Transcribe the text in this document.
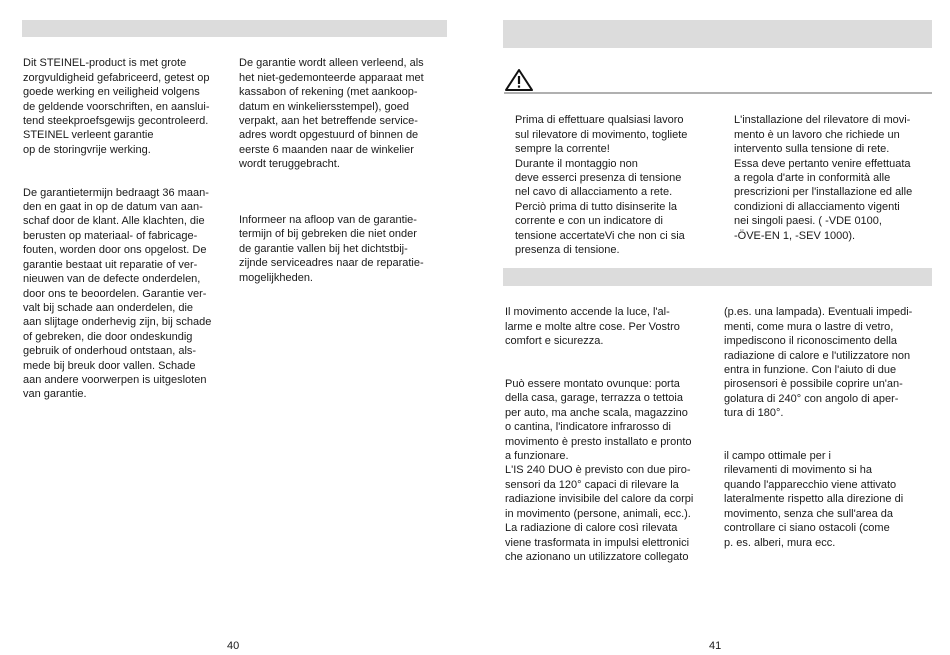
Dit STEINEL-product is met grote
zorgvuldigheid gefabriceerd, getest op
goede werking en veiligheid volgens
de geldende voorschriften, en aanslui-
tend steekproefsgewijs gecontroleerd.
STEINEL verleent garantie
op de storingvrije werking.

De garantietermijn bedraagt 36 maan-
den en gaat in op de datum van aan-
schaf door de klant. Alle klachten, die
berusten op materiaal- of fabricage-
fouten, worden door ons opgelost. De
garantie bestaat uit reparatie of ver-
nieuwen van de defecte onderdelen,
door ons te beoordelen. Garantie ver-
valt bij schade aan onderdelen, die
aan slijtage onderhevig zijn, bij schade
of gebreken, die door ondeskundig
gebruik of onderhoud ontstaan, als-
mede bij breuk door vallen. Schade
aan andere voorwerpen is uitgesloten
van garantie.

De garantie wordt alleen verleend, als
het niet-gedemonteerde apparaat met
kassabon of rekening (met aankoop-
datum en winkeliersstempel), goed
verpakt, aan het betreffende service-
adres wordt opgestuurd of binnen de
eerste 6 maanden naar de winkelier
wordt teruggebracht.

Informeer na afloop van de garantie-
termijn of bij gebreken die niet onder
de garantie vallen bij het dichtstbij-
zijnde serviceadres naar de reparatie-
mogelijkheden.

40

Prima di effettuare qualsiasi lavoro
sul rilevatore di movimento, togliete
sempre la corrente!
Durante il montaggio non
deve esserci presenza di tensione
nel cavo di allacciamento a rete.
Perciò prima di tutto disinserite la
corrente e con un indicatore di
tensione accertateVi che non ci sia
presenza di tensione.

L'installazione del rilevatore di movi-
mento è un lavoro che richiede un
intervento sulla tensione di rete.
Essa deve pertanto venire effettuata
a regola d'arte in conformità alle
prescrizioni per l'installazione ed alle
condizioni di allacciamento vigenti
nei singoli paesi. ( -VDE 0100,
-ÖVE-EN 1, -SEV 1000).

Il movimento accende la luce, l'al-
larme e molte altre cose. Per Vostro
comfort e sicurezza.

Può essere montato ovunque: porta
della casa, garage, terrazza o tettoia
per auto, ma anche scala, magazzino
o cantina, l'indicatore infrarosso di
movimento è presto installato e pronto
a funzionare.
L'IS 240 DUO è previsto con due piro-
sensori da 120° capaci di rilevare la
radiazione invisibile del calore da corpi
in movimento (persone, animali, ecc.).
La radiazione di calore così rilevata
viene trasformata in impulsi elettronici
che azionano un utilizzatore collegato

(p.es. una lampada). Eventuali impedi-
menti, come mura o lastre di vetro,
impediscono il riconoscimento della
radiazione di calore e l'utilizzatore non
entra in funzione. Con l'aiuto di due
pirosensori è possibile coprire un'an-
golatura di 240° con angolo di aper-
tura di 180°.

il campo ottimale per i
rilevamenti di movimento si ha
quando l'apparecchio viene attivato
lateralmente rispetto alla direzione di
movimento, senza che sull'area da
controllare ci siano ostacoli (come
p. es. alberi, mura ecc.

41
